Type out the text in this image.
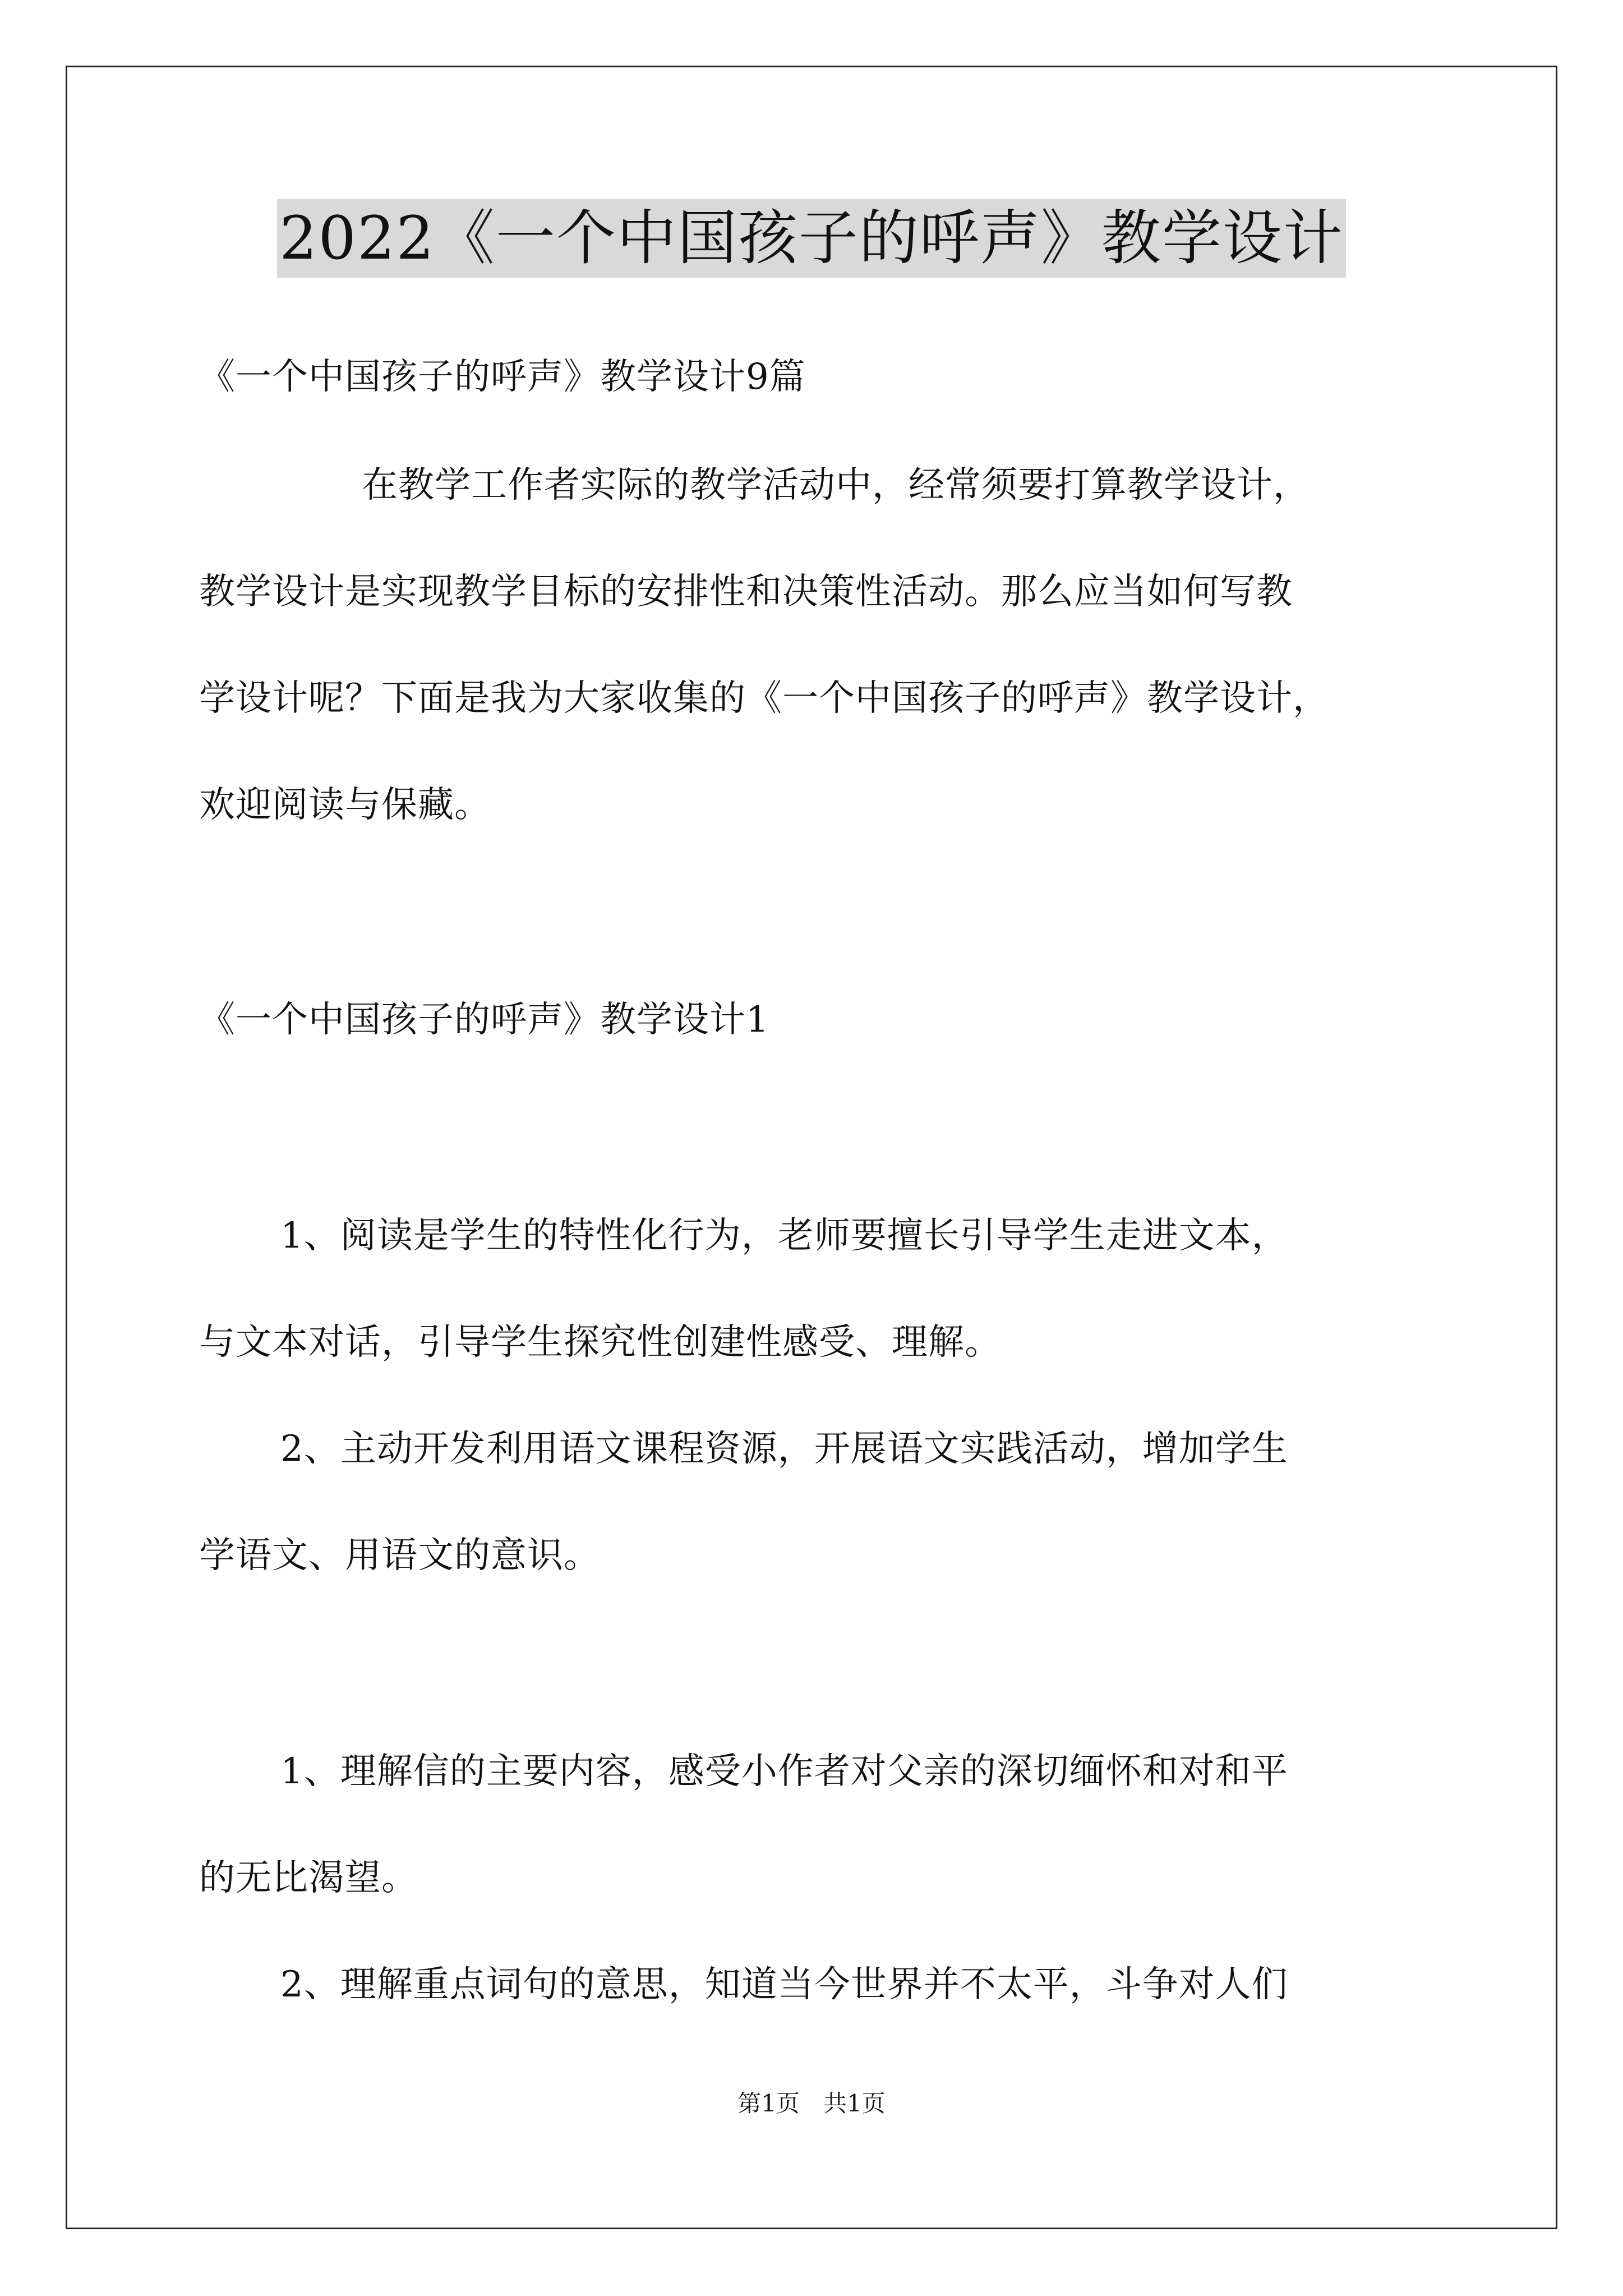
2022《一个中国孩子的呼声》教学设计
《一个中国孩子的呼声》教学设计9篇
在教学工作者实际的教学活动中，经常须要打算教学设计，
教学设计是实现教学目标的安排性和决策性活动。那么应当如何写教
学设计呢？下面是我为大家收集的《一个中国孩子的呼声》教学设计，
欢迎阅读与保藏。
《一个中国孩子的呼声》教学设计1
1、阅读是学生的特性化行为，老师要擅长引导学生走进文本，
与文本对话，引导学生探究性创建性感受、理解。
2、主动开发利用语文课程资源，开展语文实践活动，增加学生
学语文、用语文的意识。
1、理解信的主要内容，感受小作者对父亲的深切缅怀和对和平
的无比渴望。
2、理解重点词句的意思，知道当今世界并不太平，斗争对人们
第1页　共1页
